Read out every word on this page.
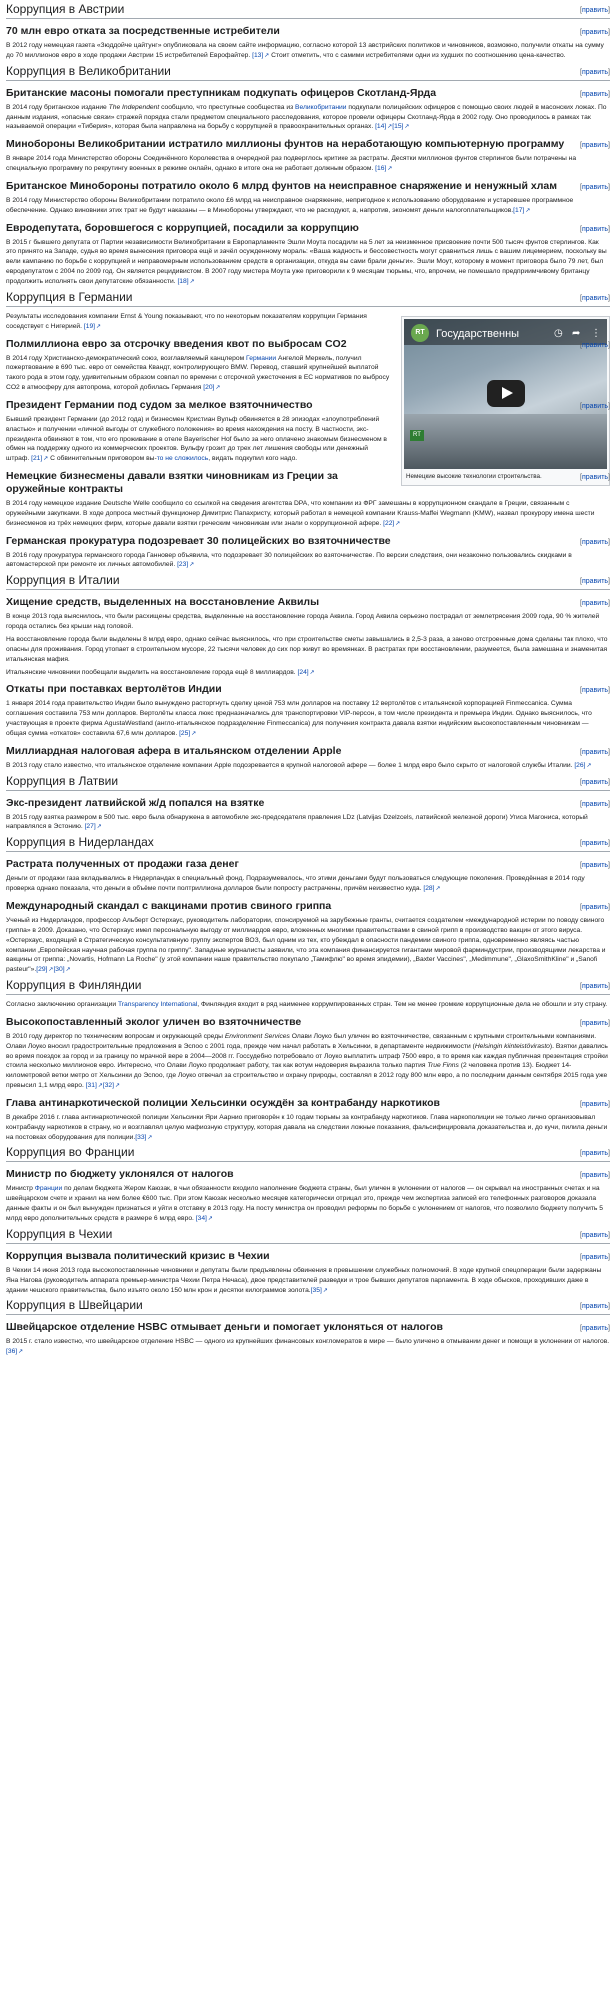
Коррупция в Австрии	[править]
70 млн евро отката за посредственные истребители	[править]

В 2012 году немецкая газета «Зюддойче цайтунг» опубликовала на своем сайте информацию, согласно которой 13 австрийских политиков и чиновников, возможно, получили откаты на сумму до 70 миллионов евро в ходе продажи Австрии 15 истребителей Еврофайтер. [13] ↗ Стоит отметить, что с самими истребителями одни из худших по соотношению цена-качество.

Коррупция в Великобритании	[править]
Британские масоны помогали преступникам подкупать офицеров Скотланд-Ярда	[править]

В 2014 году британское издание The Independent сообщило, что преступные сообщества из Великобритании подкупали полицейских офицеров с помощью своих людей в масонских ложах. По данным издания, «опасные связи» стражей порядка стали предметом специального расследования, которое провели офицеры Скотланд-Ярда в 2002 году. Оно проводилось в рамках так называемой операции «Тиберия», которая была направлена на борьбу с коррупцией в правоохранительных органах. [14] ↗ [15] ↗

Минобороны Великобритании истратило миллионы фунтов на неработающую компьютерную программу [править]

В январе 2014 года Министерство обороны Соединённого Королевства в очередной раз подверглось критике за растраты. Десятки миллионов фунтов стерлингов были потрачены на специальную программу по рекрутингу военных в режиме онлайн, однако в итоге она не работает должным образом. [16] ↗

Британское Минобороны потратило около 6 млрд фунтов на неисправное снаряжение и ненужный хлам	[править]

В 2014 году Министерство обороны Великобритании потратило около £6 млрд на неисправное снаряжение, непригодное к использованию оборудование и устаревшее программное обеспечение. Однако виновники этих трат не будут наказаны — в Минобороны утверждают, что не расходуют, а, напротив, экономят деньги налогоплательщиков.[17] ↗

Евродепутата, боровшегося с коррупцией, посадили за коррупцию	[править]

В 2015 г бывшего депутата от Партии независимости Великобритании в Европарламенте Эшли Моута посадили на 5 лет за неизменное присвоение почти 500 тысяч фунтов стерлингов. Как это принято на Западе, судья во время вынесения приговора ещё и зачёл осужденному мораль: «Ваша жадность и бессовестность могут сравниться лишь с вашим лицемерием, поскольку вы вели кампанию по борьбе с коррупцией и неправомерным использованием средств в организации, откуда вы сами брали деньги». Эшли Моут, которому в момент приговора было 79 лет, был евродепутатом с 2004 по 2009 год. Он является рецидивистом. В 2007 году мистера Моута уже приговорили к 9 месяцам тюрьмы, что, впрочем, не помешало предприимчивому британцу продолжить исполнять свои депутатские обязанности. [18] ↗

Коррупция в Германии	[править]
RT	Государственны	◷ ➦ ⋮
RT
Немецкие высокие технологии строительства.

Результаты исследования компании Ernst & Young показывают, что по некоторым показателям коррупции Германия соседствует с Нигерией. [19] ↗

Полмиллиона евро за отсрочку введения квот по выбросам CO2	[править]

В 2014 году Христианско-демократический союз, возглавляемый канцлером Германии Ангелой Меркель, получил пожертвование в 690 тыс. евро от семейства Квандт, контролирующего BMW. Перевод, ставший крупнейшей выплатой такого рода в этом году, удивительным образом совпал по времени с отсрочкой ужесточения в ЕС нормативов по выбросу CO2 в атмосферу для автопрома, которой добилась Германия [20] ↗

Президент Германии под судом за мелкое взяточничество	[править]

Бывший президент Германии (до 2012 года) и бизнесмен Кристиан Вульф обвиняется в 28 эпизодах «злоупотреблений властью» и получении «личной выгоды от служебного положения» во время нахождения на посту. В частности, экс-президента обвиняют в том, что его проживание в отеле Bayerischer Hof было за него оплачено знакомым бизнесменом в обмен на поддержку одного из коммерческих проектов. Вульфу грозит до трех лет лишения свободы или денежный штраф. [21] ↗ С обвинительным приговором вы-то не сложилось, видать подкупил кого надо.

Немецкие бизнесмены давали взятки чиновникам из Греции за оружейные контракты
[править]

В 2014 году немецкое издание Deutsche Welle сообщило со ссылкой на сведения агентства DPA, что компании из ФРГ замешаны в коррупционном скандале в Греции, связанным с оружейными закупками. В ходе допроса местный функционер Димитрис Папахристу, который работал в немецкой компании Krauss-Maffei Wegmann (KMW), назвал прокурору имена шести бизнесменов из трёх немецких фирм, которые давали взятки греческим чиновникам или знали о коррупционной афере. [22] ↗

Германская прокуратура подозревает 30 полицейских во взяточничестве	[править]

В 2016 году прокуратура германского города Ганновер объявила, что подозревает 30 полицейских во взяточничестве. По версии следствия, они незаконно пользовались скидками в автомастерской при ремонте их личных автомобилей. [23] ↗

Коррупция в Италии	[править]
Хищение средств, выделенных на восстановление Аквилы	[править]

В конце 2013 года выяснилось, что были расхищены средства, выделенные на восстановление города Аквила. Город Аквила серьезно пострадал от землетрясения 2009 года, 90 % жителей города остались без крыши над головой.

На восстановление города были выделены 8 млрд евро, однако сейчас выяснилось, что при строительстве сметы завышались в 2,5-3 раза, а заново отстроенные дома сделаны так плохо, что опасны для проживания. Город утопает в строительном мусоре, 22 тысячи человек до сих пор живут во времянках. В растратах при восстановлении, разумеется, была замешана и знаменитая итальянская мафия.

Итальянские чиновники пообещали выделить на восстановление города ещё 8 миллиардов. [24] ↗

Откаты при поставках вертолётов Индии	[править]

1 января 2014 года правительство Индии было вынуждено расторгнуть сделку ценой 753 млн долларов на поставку 12 вертолётов с итальянской корпорацией Finmeccanica. Сумма соглашения составила 753 млн долларов. Вертолёты класса люкс предназначались для транспортировки VIP-персон, в том числе президента и премьера Индии. Однако выяснилось, что участвующая в проекте фирма AgustaWestland (англо-итальянское подразделение Finmeccanica) для получения контракта давала взятки индийским высокопоставленным чиновникам — общая сумма «откатов» составила 67,6 млн долларов. [25] ↗

Миллиардная налоговая афера в итальянском отделении Apple	[править]

В 2013 году стало известно, что итальянское отделение компании Apple подозревается в крупной налоговой афере — более 1 млрд евро было скрыто от налоговой службы Италии. [26] ↗

Коррупция в Латвии	[править]
Экс-президент латвийской ж/д попался на взятке	[править]

В 2015 году взятка размером в 500 тыс. евро была обнаружена в автомобиле экс-председателя правления LDz (Latvijas Dzelzcels, латвийской железной дороги) Угиса Магониса, который направлялся в Эстонию. [27] ↗

Коррупция в Нидерландах	[править]
Растрата полученных от продажи газа денег	[править]

Деньги от продажи газа вкладывались в Нидерландах в специальный фонд. Подразумевалось, что этими деньгами будут пользоваться следующие поколения. Проведённая в 2014 году проверка однако показала, что деньги в объёме почти полтриллиона долларов были попросту растрачены, причём неизвестно куда. [28] ↗

Международный скандал с вакцинами против свиного гриппа	[править]

Ученый из Нидерландов, профессор Альберт Остерхаус, руководитель лаборатории, спонсируемой на зарубежные гранты, считается создателем «международной истерии по поводу свиного гриппа» в 2009. Доказано, что Остерхаус имел персональную выгоду от миллиардов евро, вложенных многими правительствами в свиной грипп в производство вакцин от этого вируса. «Остерхаус, входящий в Стратегическую консультативную группу экспертов ВОЗ, был одним из тех, кто убеждал в опасности пандемии свиного гриппа, одновременно являясь частью компании „Европейская научная рабочая группа по гриппу". Западные журналисты заявили, что эта компания финансируется гигантами мировой фарминдустрии, производящими лекарства и вакцины от гриппа: „Novartis, Hofmann La Roche" (у этой компании наше правительство покупало „Тамифлю" во время эпидемии), „Baxter Vaccines", „Medimmune", „GlaxoSmithKline" и „Sanofi pasteur"».[29] ↗ [30] ↗

Коррупция в Финляндии	[править]

Согласно заключению организации Transparency International, Финляндия входит в ряд наименее коррумпированных стран. Тем не менее громкие коррупционные дела не обошли и эту страну.

Высокопоставленный эколог уличен во взяточничестве	[править]

В 2010 году директор по техническим вопросам и окружающей среды Environment Services Олави Лоуко был уличен во взяточничестве, связанным с крупными строительными компаниями. Олави Лоуко вносил градостроительные предложения в Эспоо с 2001 года, прежде чем начал работать в Хельсинки, в департаменте недвижимости (Helsingin kiinteistövirasto). Взятки давались во время поездок за город и за границу по мрачной вере в 2004—2008 гг. Госсудебно потребовало от Лоуко выплатить штраф 7500 евро, в то время как каждая публичная презентация стройки стоила несколько миллионов евро. Интересно, что Олави Лоуко продолжает работу, так как вотум недоверия выразила только партия True Finns (2 человека против 13). Бюджет 14-километровой ветки метро от Хельсинки до Эспоо, где Лоуко отвечал за строительство и охрану природы, составлял в 2012 году 800 млн евро, а по последним данным сентября 2015 года уже превысил 1,1 млрд евро. [31] ↗ [32] ↗

Глава антинаркотической полиции Хельсинки осуждён за контрабанду наркотиков	[править]

В декабре 2016 г. глава антинаркотической полиции Хельсинки Яри Аарнио приговорён к 10 годам тюрьмы за контрабанду наркотиков. Глава наркополиции не только лично организовывал контрабанду наркотиков в страну, но и возглавлял целую мафиозную структуру, которая давала на следствии ложные показания, фальсифицировала доказательства и, до кучи, пилила деньги на постовках оборудования для полиции.[33] ↗

Коррупция во Франции	[править]
Министр по бюджету уклонялся от налогов	[править]

Министр Франции по делам бюджета Жером Каюзак, в чьи обязанности входило наполнение бюджета страны, был уличен в уклонении от налогов — он скрывал на иностранных счетах и на швейцарском счете и хранил на нем более €600 тыс. При этом Каюзак несколько месяцев категорически отрицал это, прежде чем экспертиза записей его телефонных разговоров доказала данные факты и он был вынужден признаться и уйти в отставку в 2013 году. На посту министра он проводил реформы по борьбе с уклонением от налогов, что позволило бюджету получить 5 млрд евро дополнительных средств в размере 6 млрд евро. [34] ↗

Коррупция в Чехии	[править]
Коррупция вызвала политический кризис в Чехии	[править]

В Чехии 14 июня 2013 года высокопоставленные чиновники и депутаты были предъявлены обвинения в превышении служебных полномочий. В ходе крупной спецоперации были задержаны Яна Нагова (руководитель аппарата премьер-министра Чехии Петра Нечаса), двое представителей разведки и трое бывших депутатов парламента. В ходе обысков, проходивших даже в здании чешского правительства, было изъято около 150 млн крон и десятки килограммов золота.[35] ↗

Коррупция в Швейцарии	[править]
Швейцарское отделение HSBC отмывает деньги и помогает уклоняться от налогов	[править]

В 2015 г. стало известно, что швейцарское отделение HSBC — одного из крупнейших финансовых конгломератов в мире — было уличено в отмывании денег и помощи в уклонении от налогов. [36] ↗
